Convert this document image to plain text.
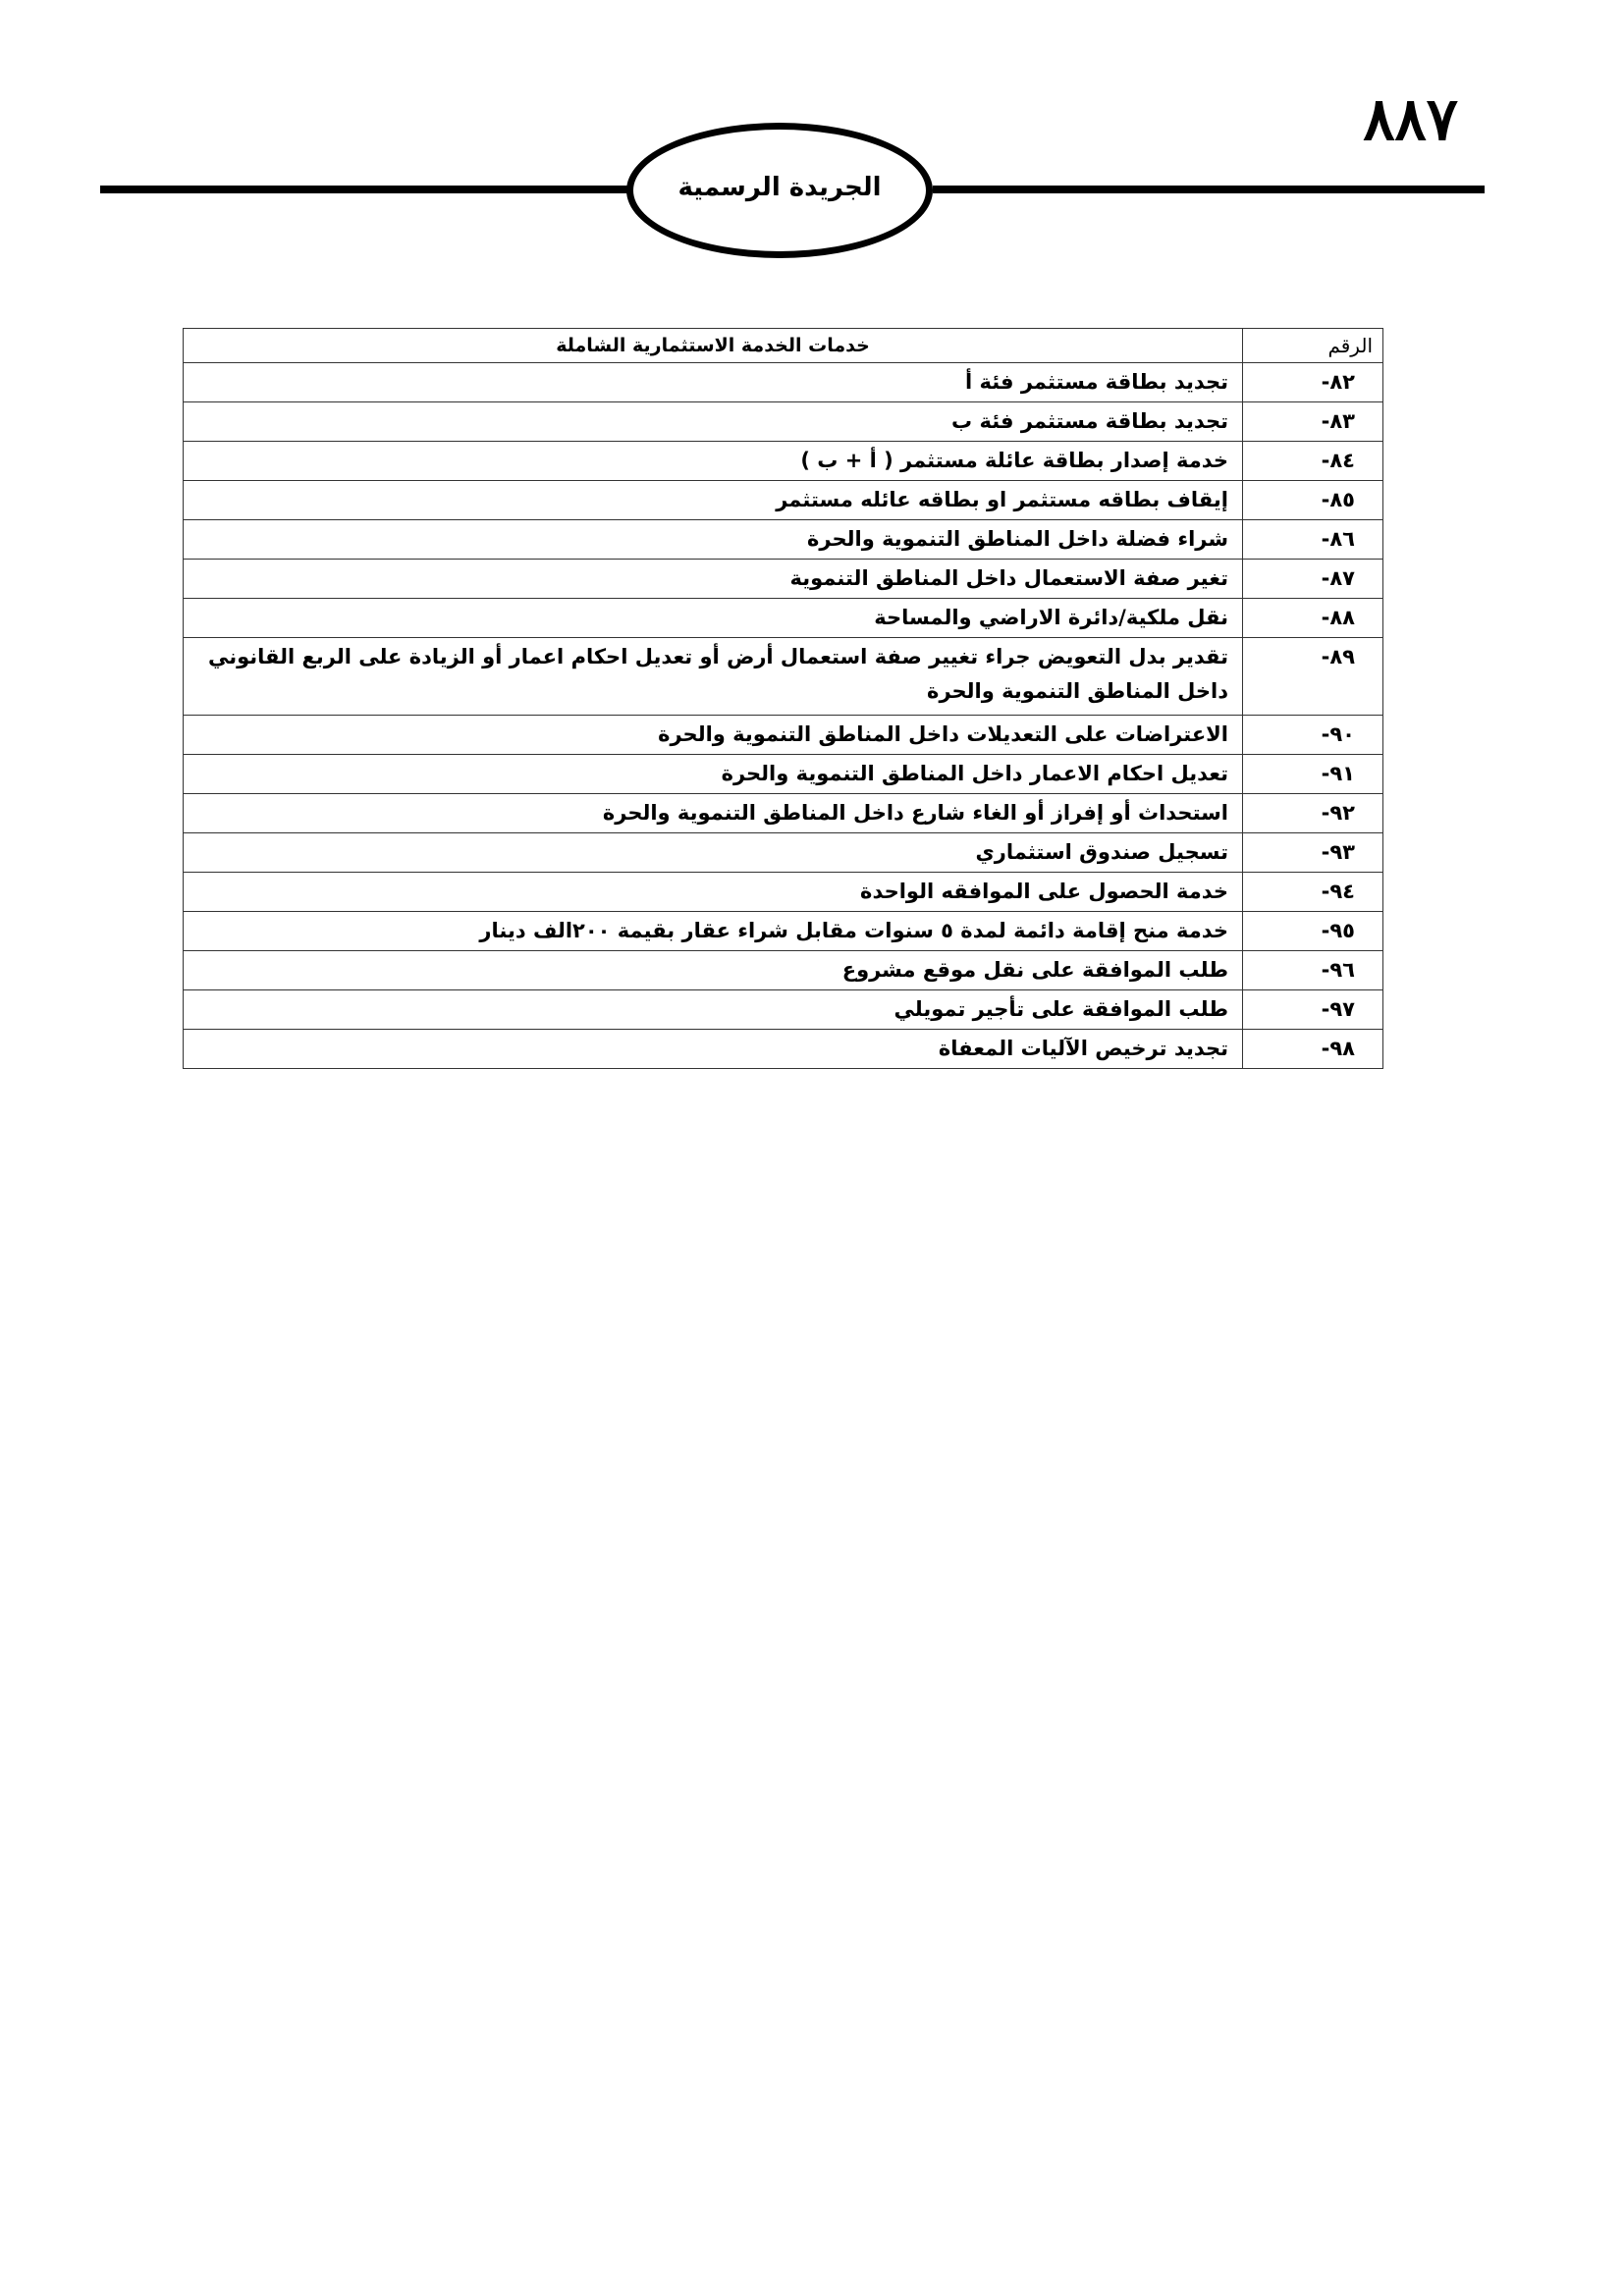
٨٨٧
الجريدة الرسمية
الرقم	خدمات الخدمة الاستثمارية الشاملة
٨٢-	تجديد بطاقة مستثمر فئة أ
٨٣-	تجديد بطاقة مستثمر فئة ب
٨٤-	خدمة إصدار بطاقة عائلة مستثمر ( أ + ب )
٨٥-	إيقاف بطاقه مستثمر او بطاقه عائله مستثمر
٨٦-	شراء فضلة داخل المناطق التنموية والحرة
٨٧-	تغير صفة الاستعمال داخل المناطق التنموية
٨٨-	نقل ملكية/دائرة الاراضي والمساحة
٨٩-	تقدير بدل التعويض جراء تغيير صفة استعمال أرض أو تعديل احكام اعمار أو الزيادة على الربع القانوني داخل المناطق التنموية والحرة
٩٠-	الاعتراضات على التعديلات داخل المناطق التنموية والحرة
٩١-	تعديل احكام الاعمار داخل المناطق التنموية والحرة
٩٢-	استحداث أو إفراز أو الغاء شارع داخل المناطق التنموية والحرة
٩٣-	تسجيل صندوق استثماري
٩٤-	خدمة الحصول على الموافقه الواحدة
٩٥-	خدمة منح إقامة دائمة لمدة ٥ سنوات مقابل شراء عقار بقيمة ٢٠٠الف دينار
٩٦-	طلب الموافقة على نقل موقع مشروع
٩٧-	طلب الموافقة على تأجير تمويلي
٩٨-	تجديد ترخيص الآليات المعفاة
